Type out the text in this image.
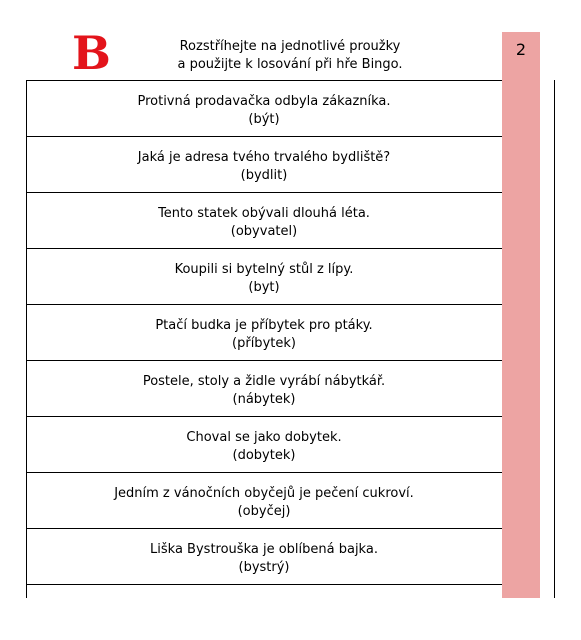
B	Rozstříhejte na jednotlivé proužky
a použijte k losování při hře Bingo.
2
Protivná prodavačka odbyla zákazníka.
(být)
Jaká je adresa tvého trvalého bydliště?
(bydlit)
Tento statek obývali dlouhá léta.
(obyvatel)
Koupili si bytelný stůl z lípy.
(byt)
Ptačí budka je příbytek pro ptáky.
(příbytek)
Postele, stoly a židle vyrábí nábytkář.
(nábytek)
Choval se jako dobytek.
(dobytek)
Jedním z vánočních obyčejů je pečení cukroví.
(obyčej)
Liška Bystrouška je oblíbená bajka.
(bystrý)
